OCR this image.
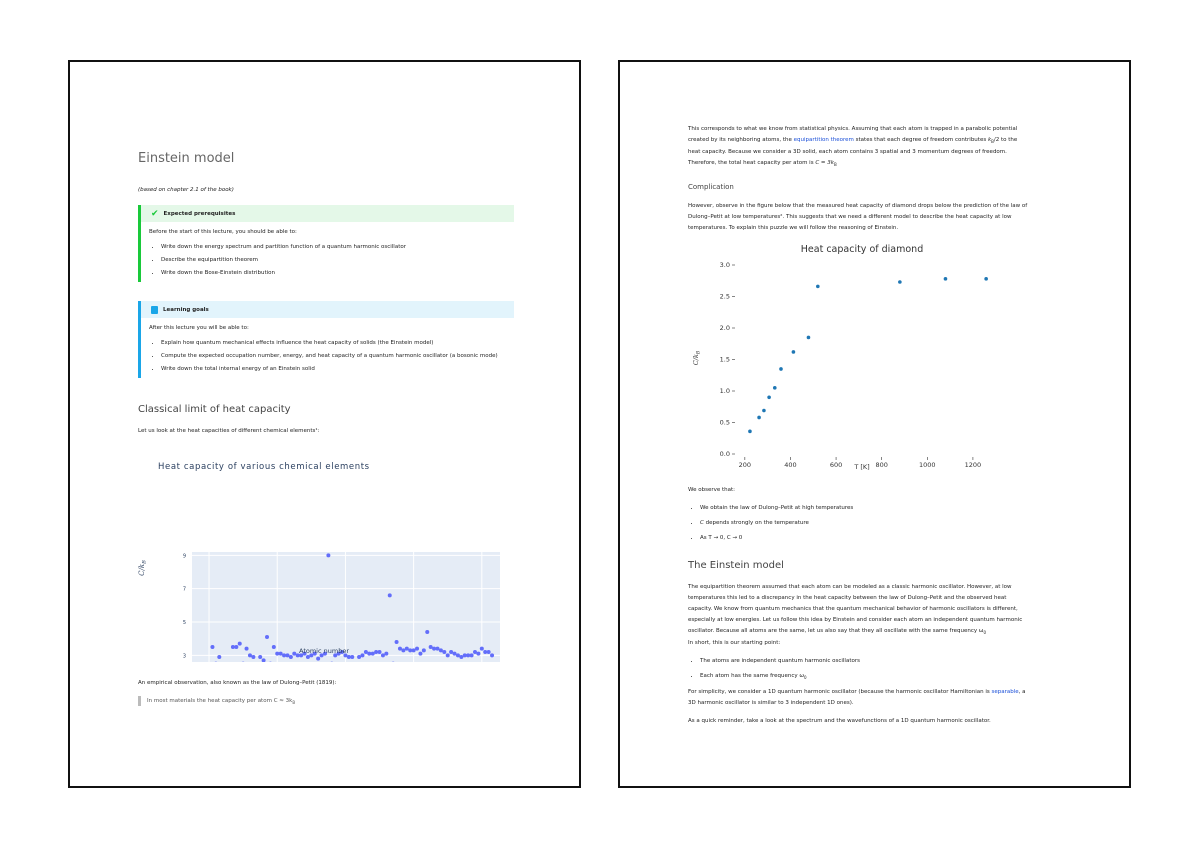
Einstein model
(based on chapter 2.1 of the book)
✔ Expected prerequisites
Before the start of this lecture, you should be able to:
• Write down the energy spectrum and partition function of a quantum harmonic oscillator
• Describe the equipartition theorem
• Write down the Bose-Einstein distribution
Learning goals
After this lecture you will be able to:
• Explain how quantum mechanical effects influence the heat capacity of solids (the Einstein model)
• Compute the expected occupation number, energy, and heat capacity of a quantum harmonic oscillator (a bosonic mode)
• Write down the total internal energy of an Einstein solid
Classical limit of heat capacity
Let us look at the heat capacities of different chemical elements¹:
Heat capacity of various chemical elements
3
5
7
9
Atomic number
$C/k_B$
An empirical observation, also known as the law of Dulong–Petit (1819):
In most materials the heat capacity per atom $C \approx 3k_B$
This corresponds to what we know from statistical physics. Assuming that each atom is trapped in a parabolic potential
created by its neighboring atoms, the equipartition theorem states that each degree of freedom contributes $k_B/2$ to the
heat capacity. Because we consider a 3D solid, each atom contains 3 spatial and 3 momentum degrees of freedom.
Therefore, the total heat capacity per atom is $C = 3k_B$
Complication
However, observe in the figure below that the measured heat capacity of diamond drops below the prediction of the law of
Dulong–Petit at low temperatures². This suggests that we need a different model to describe the heat capacity at low
temperatures. To explain this puzzle we will follow the reasoning of Einstein.
Heat capacity of diamond
200	400	600	800	1000	1200
0.0
0.5
1.0
1.5
2.0
2.5
3.0
T [K]
$C/k_B$
We observe that:
• We obtain the law of Dulong–Petit at high temperatures
• C depends strongly on the temperature
• As T → 0, C → 0
The Einstein model
The equipartition theorem assumed that each atom can be modeled as a classic harmonic oscillator. However, at low
temperatures this led to a discrepancy in the heat capacity between the law of Dulong–Petit and the observed heat
capacity. We know from quantum mechanics that the quantum mechanical behavior of harmonic oscillators is different,
especially at low energies. Let us follow this idea by Einstein and consider each atom an independent quantum harmonic
oscillator. Because all atoms are the same, let us also say that they all oscillate with the same frequency $\omega_0$
In short, this is our starting point:
• The atoms are independent quantum harmonic oscillators
• Each atom has the same frequency $\omega_0$
For simplicity, we consider a 1D quantum harmonic oscillator (because the harmonic oscillator Hamiltonian is separable, a
3D harmonic oscillator is similar to 3 independent 1D ones).
As a quick reminder, take a look at the spectrum and the wavefunctions of a 1D quantum harmonic oscillator.
